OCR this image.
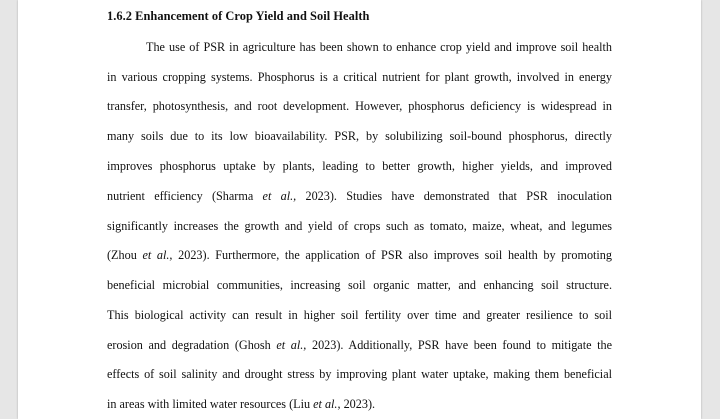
1.6.2 Enhancement of Crop Yield and Soil Health
The use of PSR in agriculture has been shown to enhance crop yield and improve soil health
in various cropping systems. Phosphorus is a critical nutrient for plant growth, involved in energy
transfer, photosynthesis, and root development. However, phosphorus deficiency is widespread in
many soils due to its low bioavailability. PSR, by solubilizing soil-bound phosphorus, directly
improves phosphorus uptake by plants, leading to better growth, higher yields, and improved
nutrient efficiency (Sharma et al., 2023). Studies have demonstrated that PSR inoculation
significantly increases the growth and yield of crops such as tomato, maize, wheat, and legumes
(Zhou et al., 2023). Furthermore, the application of PSR also improves soil health by promoting
beneficial microbial communities, increasing soil organic matter, and enhancing soil structure.
This biological activity can result in higher soil fertility over time and greater resilience to soil
erosion and degradation (Ghosh et al., 2023). Additionally, PSR have been found to mitigate the
effects of soil salinity and drought stress by improving plant water uptake, making them beneficial
in areas with limited water resources (Liu et al., 2023).
